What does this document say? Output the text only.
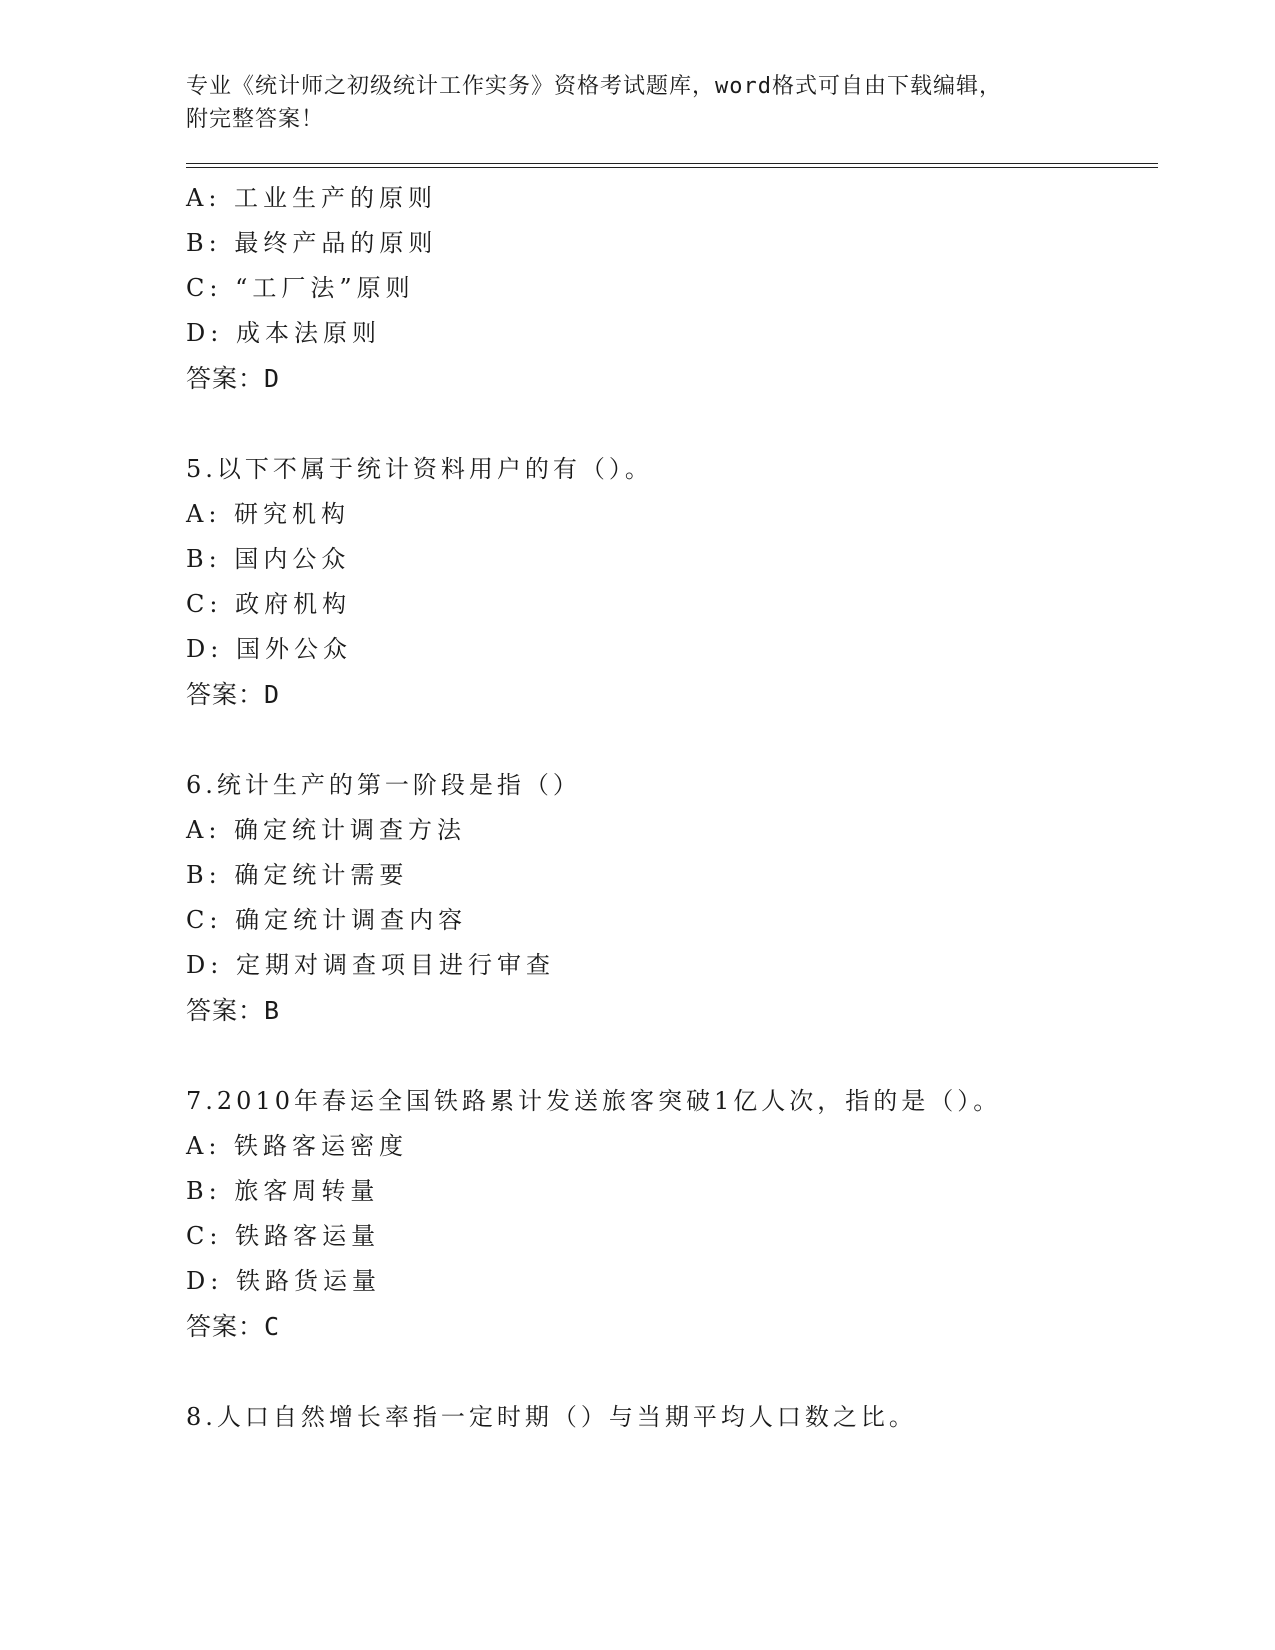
专业《统计师之初级统计工作实务》资格考试题库，word格式可自由下载编辑，
附完整答案！

A: 工业生产的原则
B: 最终产品的原则
C: “工厂法”原则
D: 成本法原则
答案：D
5.以下不属于统计资料用户的有（）。
A: 研究机构
B: 国内公众
C: 政府机构
D: 国外公众
答案：D
6.统计生产的第一阶段是指（）
A: 确定统计调查方法
B: 确定统计需要
C: 确定统计调查内容
D: 定期对调查项目进行审查
答案：B
7.2010年春运全国铁路累计发送旅客突破1亿人次，指的是（）。
A: 铁路客运密度
B: 旅客周转量
C: 铁路客运量
D: 铁路货运量
答案：C
8.人口自然增长率指一定时期（）与当期平均人口数之比。
